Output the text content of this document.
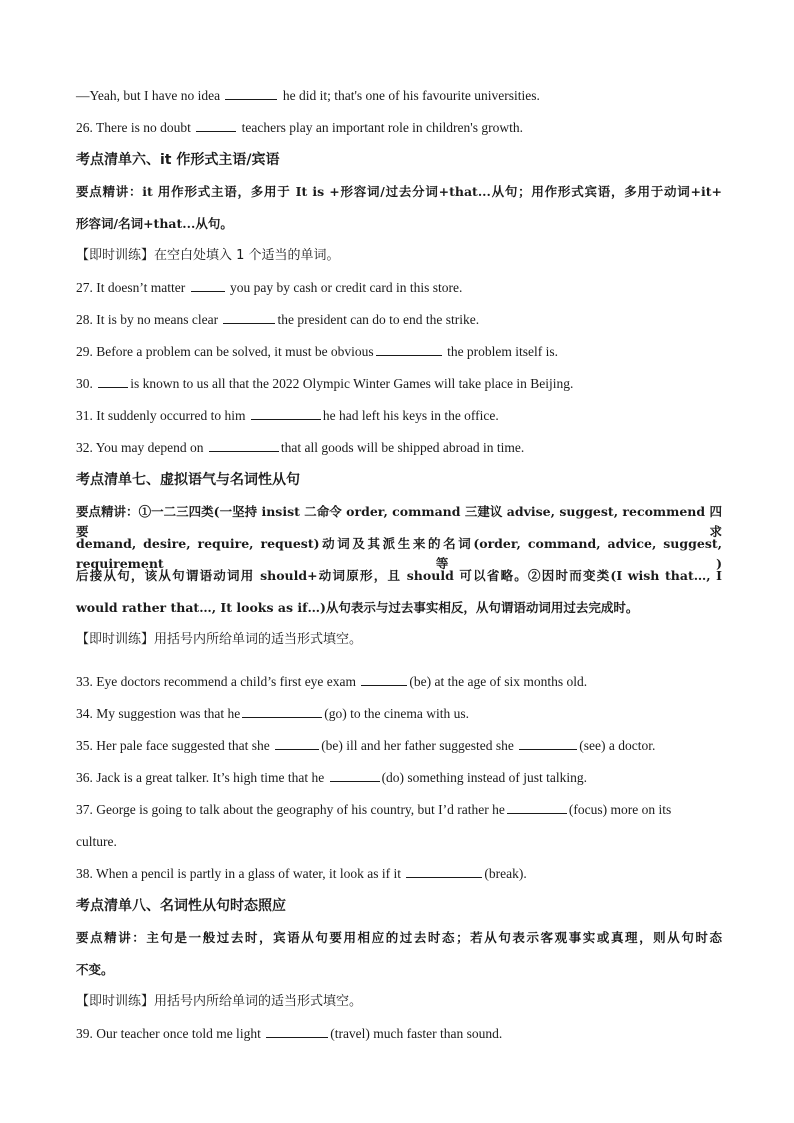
—Yeah, but I have no idea	he did it; that's one of his favourite universities.
26. There is no doubt	teachers play an important role in children's growth.
考点清单六、it 作形式主语/宾语
要点精讲：it 用作形式主语，多用于 It is +形容词/过去分词+that...从句；用作形式宾语，多用于动词+it+
形容词/名词+that...从句。
【即时训练】在空白处填入 1 个适当的单词。
27. It doesn’t matter	you pay by cash or credit card in this store.
28. It is by no means clear	the president can do to end the strike.
29. Before a problem can be solved, it must be obvious	the problem itself is.
30.	is known to us all that the 2022 Olympic Winter Games will take place in Beijing.
31. It suddenly occurred to him	he had left his keys in the office.
32. You may depend on	that all goods will be shipped abroad in time.
考点清单七、虚拟语气与名词性从句
要点精讲：①一二三四类(一坚持 insist 二命令 order, command 三建议 advise, suggest, recommend 四要求
demand, desire, require, request)动词及其派生来的名词(order, command, advice, suggest, requirement 等)
后接从句，该从句谓语动词用 should+动词原形，且 should 可以省略。②因时而变类(I wish that…, I
would rather that…, It looks as if…)从句表示与过去事实相反，从句谓语动词用过去完成时。
【即时训练】用括号内所给单词的适当形式填空。
33. Eye doctors recommend a child’s first eye exam	(be) at the age of six months old.
34. My suggestion was that he	(go) to the cinema with us.
35. Her pale face suggested that she	(be) ill and her father suggested she	(see) a doctor.
36. Jack is a great talker. It’s high time that he	(do) something instead of just talking.
37. George is going to talk about the geography of his country, but I’d rather he	(focus) more on its
culture.
38. When a pencil is partly in a glass of water, it look as if it	(break).
考点清单八、名词性从句时态照应
要点精讲：主句是一般过去时，宾语从句要用相应的过去时态；若从句表示客观事实或真理，则从句时态
不变。
【即时训练】用括号内所给单词的适当形式填空。
39. Our teacher once told me light	(travel) much faster than sound.
